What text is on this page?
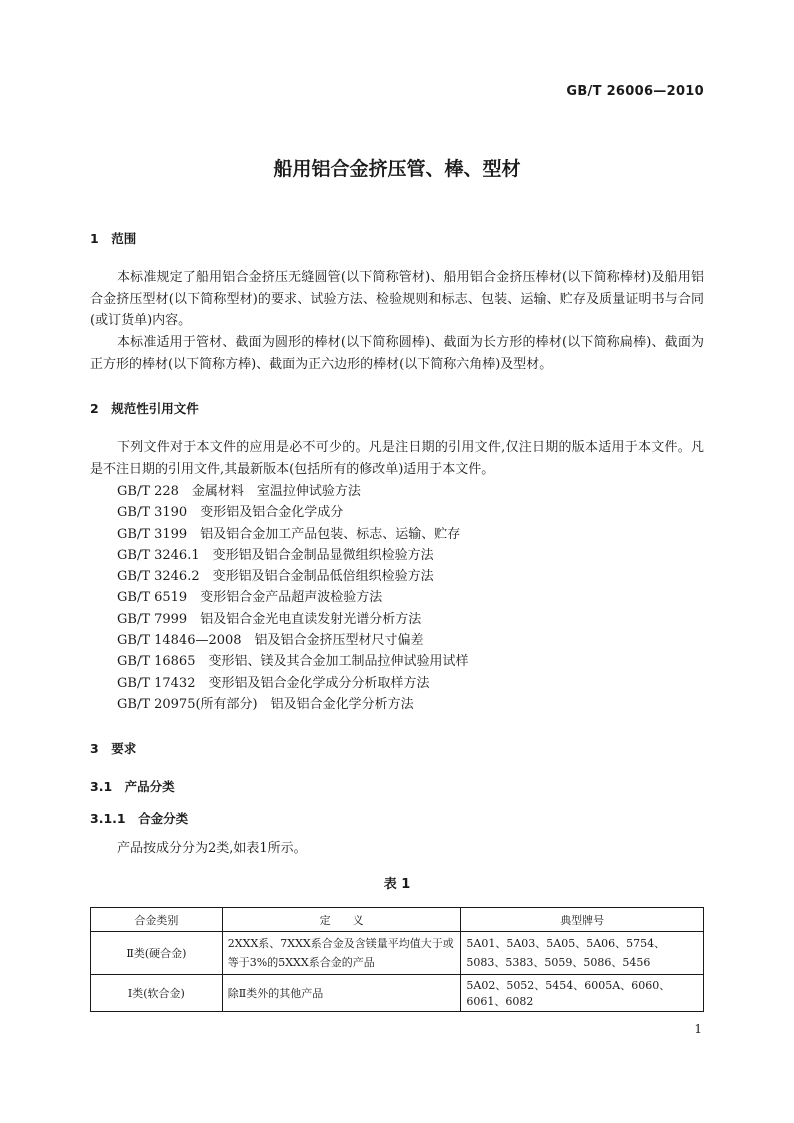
GB/T 26006—2010
船用铝合金挤压管、棒、型材
1　范围

本标准规定了船用铝合金挤压无缝圆管(以下简称管材)、船用铝合金挤压棒材(以下简称棒材)及船用铝合金挤压型材(以下简称型材)的要求、试验方法、检验规则和标志、包装、运输、贮存及质量证明书与合同(或订货单)内容。

本标准适用于管材、截面为圆形的棒材(以下简称圆棒)、截面为长方形的棒材(以下简称扁棒)、截面为正方形的棒材(以下简称方棒)、截面为正六边形的棒材(以下简称六角棒)及型材。

2　规范性引用文件

下列文件对于本文件的应用是必不可少的。凡是注日期的引用文件,仅注日期的版本适用于本文件。凡是不注日期的引用文件,其最新版本(包括所有的修改单)适用于本文件。

GB/T 228　金属材料　室温拉伸试验方法
GB/T 3190　变形铝及铝合金化学成分
GB/T 3199　铝及铝合金加工产品包装、标志、运输、贮存
GB/T 3246.1　变形铝及铝合金制品显微组织检验方法
GB/T 3246.2　变形铝及铝合金制品低倍组织检验方法
GB/T 6519　变形铝合金产品超声波检验方法
GB/T 7999　铝及铝合金光电直读发射光谱分析方法
GB/T 14846—2008　铝及铝合金挤压型材尺寸偏差
GB/T 16865　变形铝、镁及其合金加工制品拉伸试验用试样
GB/T 17432　变形铝及铝合金化学成分分析取样方法
GB/T 20975(所有部分)　铝及铝合金化学分析方法
3　要求
3.1　产品分类
3.1.1　合金分类

产品按成分分为2类,如表1所示。

表 1
合金类别	定　　义	典型牌号
Ⅱ类(硬合金)	2XXX系、7XXX系合金及含镁量平均值大于或等于3%的5XXX系合金的产品	5A01、5A03、5A05、5A06、5754、5083、5383、5059、5086、5456
Ⅰ类(软合金)	除Ⅱ类外的其他产品	5A02、5052、5454、6005A、6060、6061、6082
1
